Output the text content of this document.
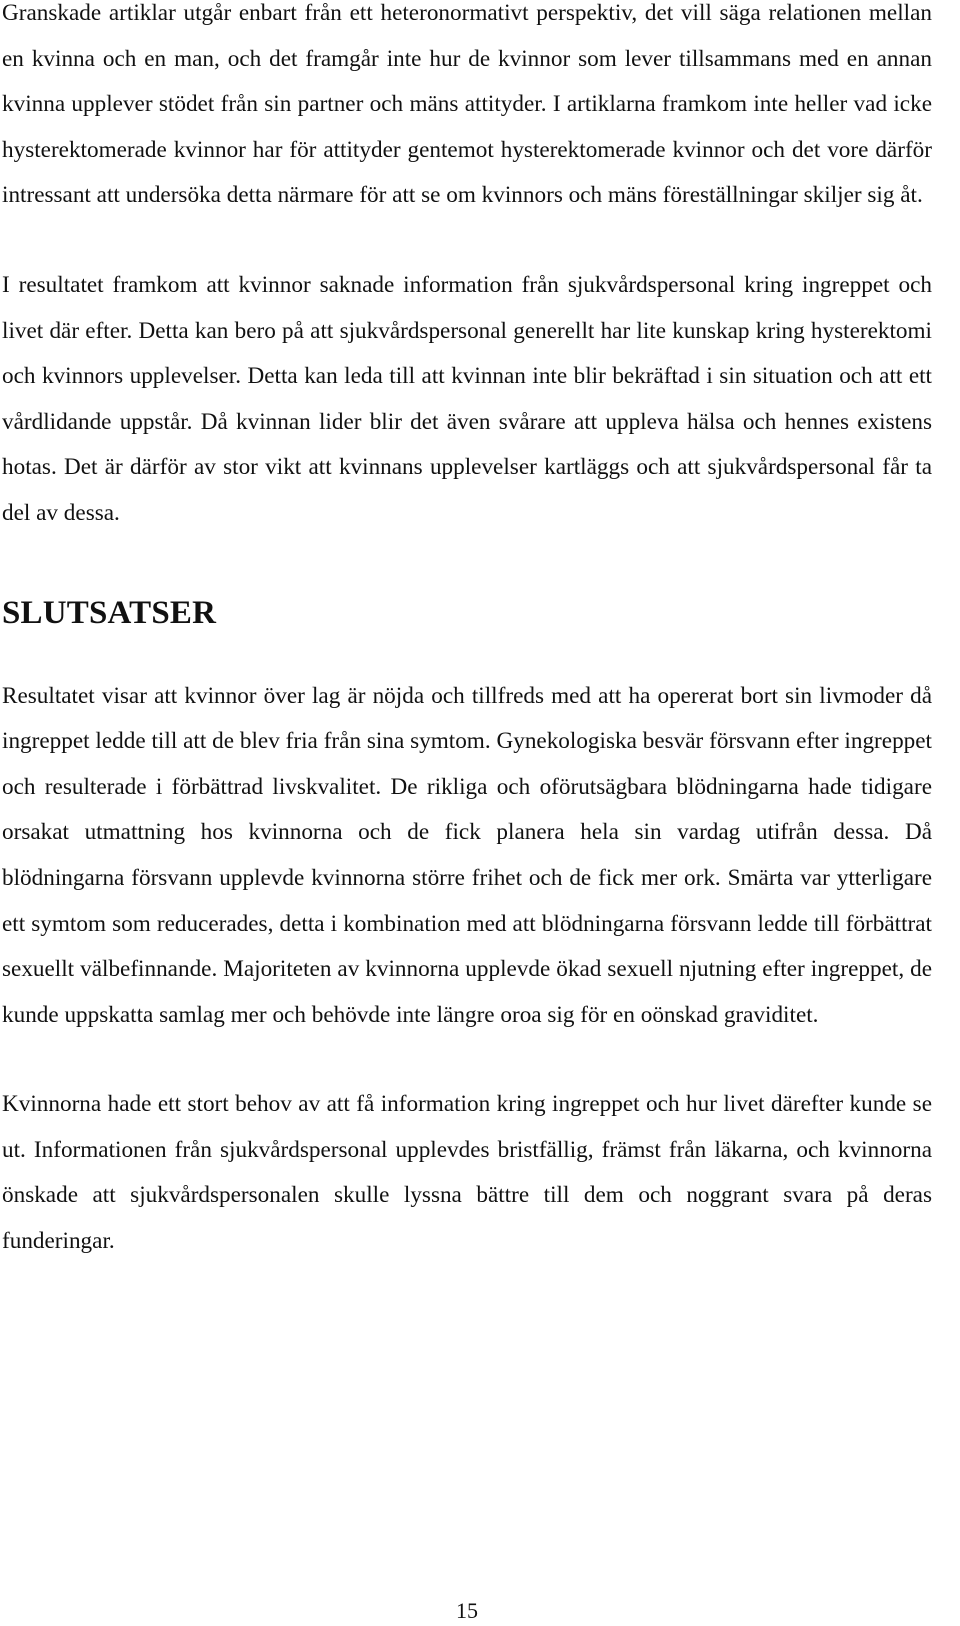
Granskade artiklar utgår enbart från ett heteronormativt perspektiv, det vill säga relationen mellan en kvinna och en man, och det framgår inte hur de kvinnor som lever tillsammans med en annan kvinna upplever stödet från sin partner och mäns attityder. I artiklarna framkom inte heller vad icke hysterektomerade kvinnor har för attityder gentemot hysterektomerade kvinnor och det vore därför intressant att undersöka detta närmare för att se om kvinnors och mäns föreställningar skiljer sig åt.

I resultatet framkom att kvinnor saknade information från sjukvårdspersonal kring ingreppet och livet där efter. Detta kan bero på att sjukvårdspersonal generellt har lite kunskap kring hysterektomi och kvinnors upplevelser. Detta kan leda till att kvinnan inte blir bekräftad i sin situation och att ett vårdlidande uppstår. Då kvinnan lider blir det även svårare att uppleva hälsa och hennes existens hotas. Det är därför av stor vikt att kvinnans upplevelser kartläggs och att sjukvårdspersonal får ta del av dessa.

SLUTSATSER

Resultatet visar att kvinnor över lag är nöjda och tillfreds med att ha opererat bort sin livmoder då ingreppet ledde till att de blev fria från sina symtom. Gynekologiska besvär försvann efter ingreppet och resulterade i förbättrad livskvalitet. De rikliga och oförutsägbara blödningarna hade tidigare orsakat utmattning hos kvinnorna och de fick planera hela sin vardag utifrån dessa. Då blödningarna försvann upplevde kvinnorna större frihet och de fick mer ork. Smärta var ytterligare ett symtom som reducerades, detta i kombination med att blödningarna försvann ledde till förbättrat sexuellt välbefinnande. Majoriteten av kvinnorna upplevde ökad sexuell njutning efter ingreppet, de kunde uppskatta samlag mer och behövde inte längre oroa sig för en oönskad graviditet.

Kvinnorna hade ett stort behov av att få information kring ingreppet och hur livet därefter kunde se ut. Informationen från sjukvårdspersonal upplevdes bristfällig, främst från läkarna, och kvinnorna önskade att sjukvårdspersonalen skulle lyssna bättre till dem och noggrant svara på deras funderingar.

15
